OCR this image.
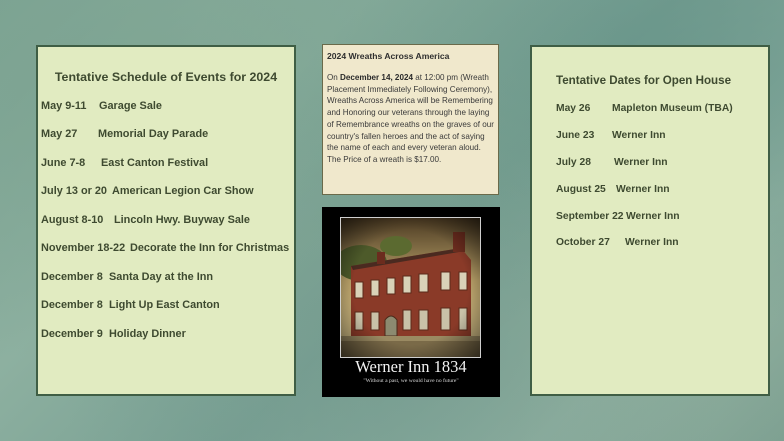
Tentative Schedule of Events for 2024
May 9-11 Garage Sale
May 27 Memorial Day Parade
June 7-8 East Canton Festival
July 13 or 20 American Legion Car Show
August 8-10 Lincoln Hwy. Buyway Sale
November 18-22 Decorate the Inn for Christmas
December 8 Santa Day at the Inn
December 8 Light Up East Canton
December 9 Holiday Dinner
2024 Wreaths Across America
On December 14, 2024 at 12:00 pm (Wreath Placement Immediately Following Ceremony), Wreaths Across America will be Remembering and Honoring our veterans through the laying of Remembrance wreaths on the graves of our country's fallen heroes and the act of saying the name of each and every veteran aloud. The Price of a wreath is $17.00.
Werner Inn 1834
"Without a past, we would have no future"
Tentative Dates for Open House
May 26 Mapleton Museum (TBA)
June 23 Werner Inn
July 28 Werner Inn
August 25 Werner Inn
September 22 Werner Inn
October 27 Werner Inn
